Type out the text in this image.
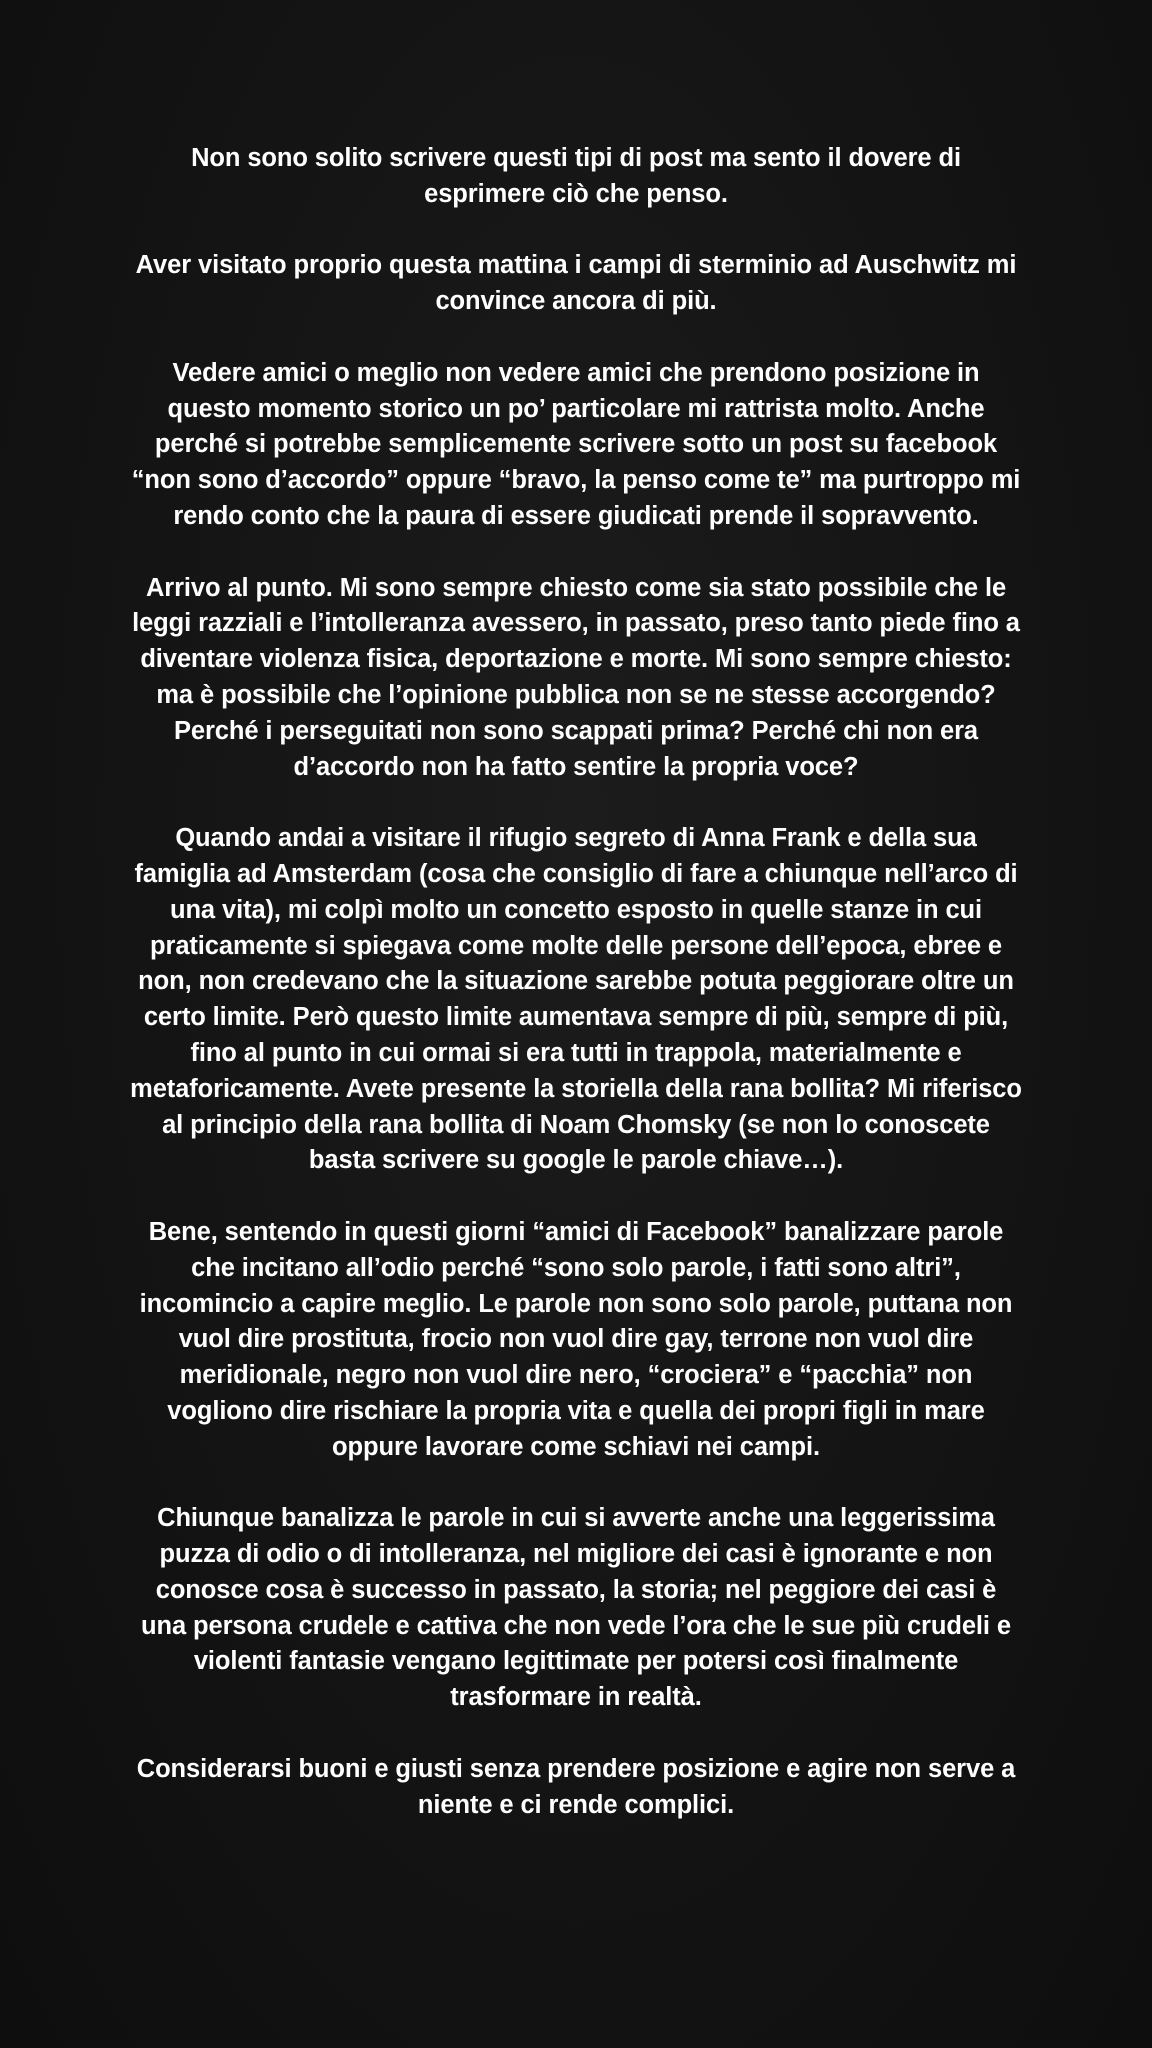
Non sono solito scrivere questi tipi di post ma sento il dovere di esprimere ciò che penso.

Aver visitato proprio questa mattina i campi di sterminio ad Auschwitz mi convince ancora di più.

Vedere amici o meglio non vedere amici che prendono posizione in questo momento storico un po’ particolare mi rattrista molto. Anche perché si potrebbe semplicemente scrivere sotto un post su facebook “non sono d’accordo” oppure “bravo, la penso come te” ma purtroppo mi rendo conto che la paura di essere giudicati prende il sopravvento.

Arrivo al punto. Mi sono sempre chiesto come sia stato possibile che le leggi razziali e l’intolleranza avessero, in passato, preso tanto piede fino a diventare violenza fisica, deportazione e morte. Mi sono sempre chiesto: ma è possibile che l’opinione pubblica non se ne stesse accorgendo? Perché i perseguitati non sono scappati prima? Perché chi non era d’accordo non ha fatto sentire la propria voce?

Quando andai a visitare il rifugio segreto di Anna Frank e della sua famiglia ad Amsterdam (cosa che consiglio di fare a chiunque nell’arco di una vita), mi colpì molto un concetto esposto in quelle stanze in cui praticamente si spiegava come molte delle persone dell’epoca, ebree e non, non credevano che la situazione sarebbe potuta peggiorare oltre un certo limite. Però questo limite aumentava sempre di più, sempre di più, fino al punto in cui ormai si era tutti in trappola, materialmente e metaforicamente. Avete presente la storiella della rana bollita? Mi riferisco al principio della rana bollita di Noam Chomsky (se non lo conoscete basta scrivere su google le parole chiave…).

Bene, sentendo in questi giorni “amici di Facebook” banalizzare parole che incitano all’odio perché “sono solo parole, i fatti sono altri”, incomincio a capire meglio. Le parole non sono solo parole, puttana non vuol dire prostituta, frocio non vuol dire gay, terrone non vuol dire meridionale, negro non vuol dire nero, “crociera” e “pacchia” non vogliono dire rischiare la propria vita e quella dei propri figli in mare oppure lavorare come schiavi nei campi.

Chiunque banalizza le parole in cui si avverte anche una leggerissima puzza di odio o di intolleranza, nel migliore dei casi è ignorante e non conosce cosa è successo in passato, la storia; nel peggiore dei casi è una persona crudele e cattiva che non vede l’ora che le sue più crudeli e violenti fantasie vengano legittimate per potersi così finalmente trasformare in realtà.

Considerarsi buoni e giusti senza prendere posizione e agire non serve a niente e ci rende complici.
